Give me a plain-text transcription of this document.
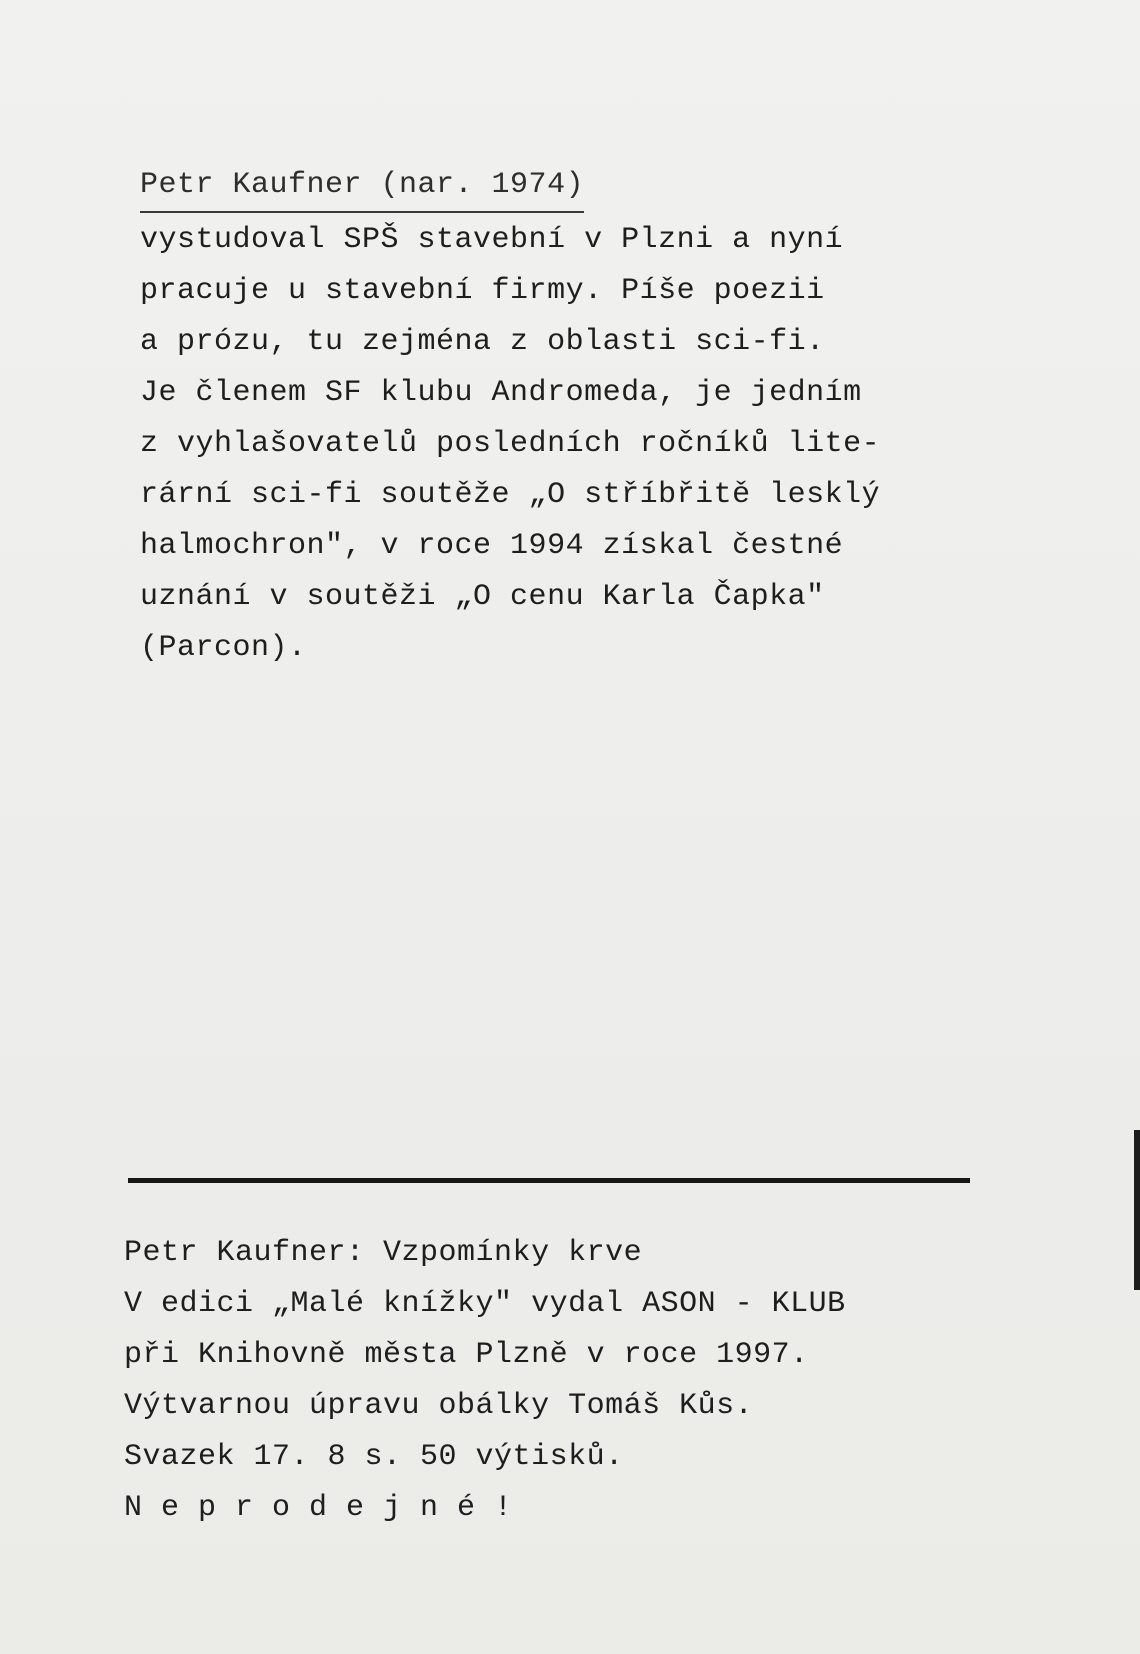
Petr Kaufner (nar. 1974)
vystudoval SPŠ stavební v Plzni a nyní
pracuje u stavební firmy. Píše poezii
a prózu, tu zejména z oblasti sci-fi.
Je členem SF klubu Andromeda, je jedním
z vyhlašovatelů posledních ročníků lite-
rární sci-fi soutěže „O stříbřitě lesklý
halmochron", v roce 1994 získal čestné
uznání v soutěži „O cenu Karla Čapka"
(Parcon).
Petr Kaufner: Vzpomínky krve
V edici „Malé knížky" vydal ASON - KLUB
při Knihovně města Plzně v roce 1997.
Výtvarnou úpravu obálky Tomáš Kůs.
Svazek 17. 8 s. 50 výtisků.
Neprodejné!
